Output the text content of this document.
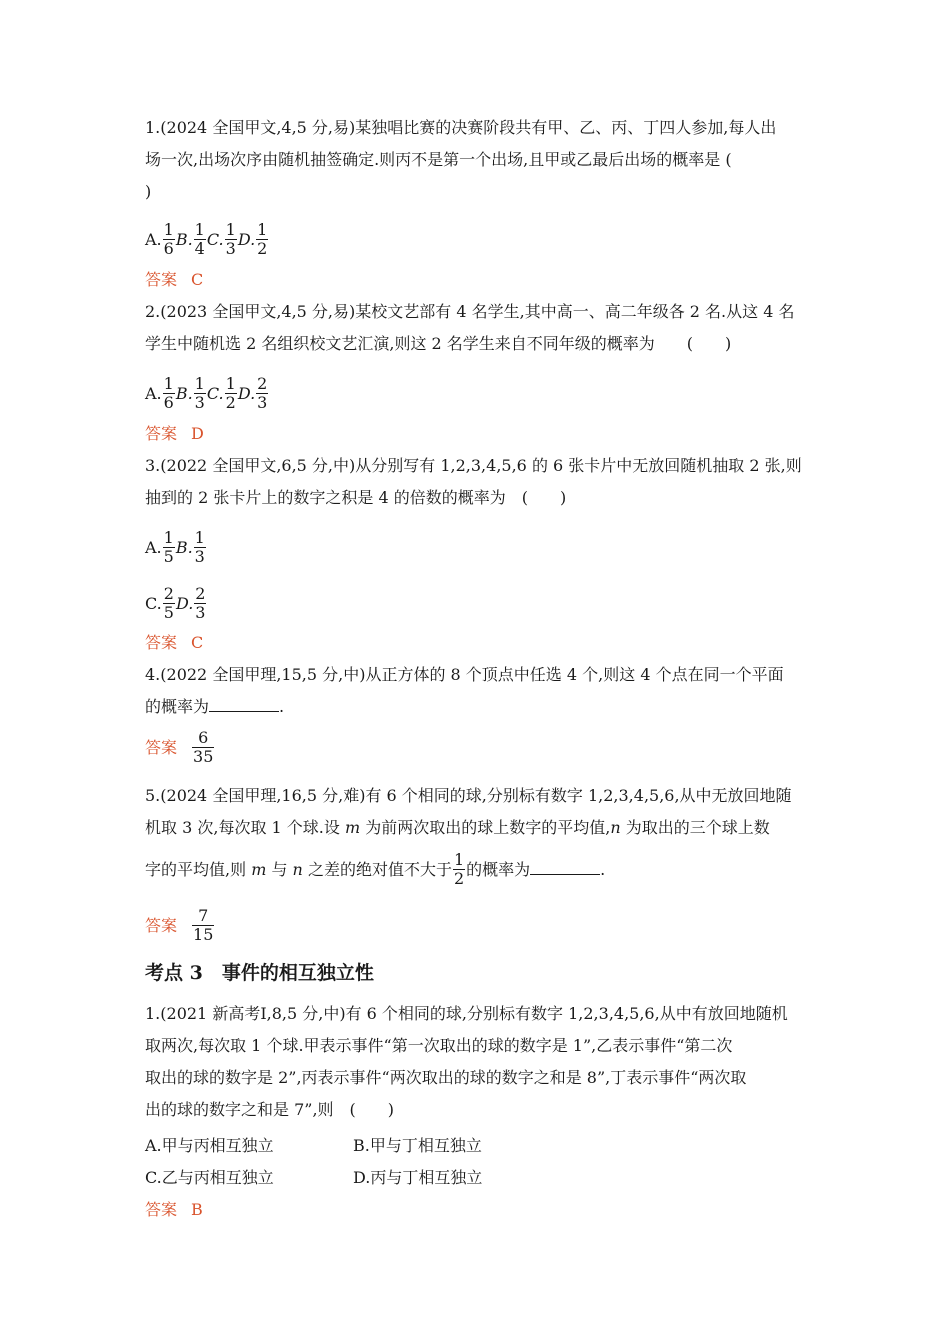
1.(2024 全国甲文,4,5 分,易)某独唱比赛的决赛阶段共有甲、乙、丙、丁四人参加,每人出
场一次,出场次序由随机抽签确定.则丙不是第一个出场,且甲或乙最后出场的概率是 (
)
A. $\frac{1}{6} B$. $\frac{1}{4} C$. $\frac{1}{3} D$. $\frac{1}{2}$
答案 C
2.(2023 全国甲文,4,5 分,易)某校文艺部有 4 名学生,其中高一、高二年级各 2 名.从这 4 名
学生中随机选 2 名组织校文艺汇演,则这 2 名学生来自不同年级的概率为　　(　　)
A. $\frac{1}{6} B$. $\frac{1}{3} C$. $\frac{1}{2} D$. $\frac{2}{3}$
答案 D
3.(2022 全国甲文,6,5 分,中)从分别写有 1,2,3,4,5,6 的 6 张卡片中无放回随机抽取 2 张,则
抽到的 2 张卡片上的数字之积是 4 的倍数的概率为　(　　)
A. $\frac{1}{5} B$. $\frac{1}{3}$
C. $\frac{2}{5} D$. $\frac{2}{3}$
答案 C
4.(2022 全国甲理,15,5 分,中)从正方体的 8 个顶点中任选 4 个,则这 4 个点在同一个平面
的概率为	.
答案 $\frac{6}{35}$
5.(2024 全国甲理,16,5 分,难)有 6 个相同的球,分别标有数字 1,2,3,4,5,6,从中无放回地随
机取 3 次,每次取 1 个球.设 m 为前两次取出的球上数字的平均值,n 为取出的三个球上数
字的平均值,则 m 与 n 之差的绝对值不大于 $\frac{1}{2}$ 的概率为	.
答案 $\frac{7}{15}$
考点 3　事件的相互独立性
1.(2021 新高考Ⅰ,8,5 分,中)有 6 个相同的球,分别标有数字 1,2,3,4,5,6,从中有放回地随机
取两次,每次取 1 个球.甲表示事件“第一次取出的球的数字是 1”,乙表示事件“第二次
取出的球的数字是 2”,丙表示事件“两次取出的球的数字之和是 8”,丁表示事件“两次取
出的球的数字之和是 7”,则　(　　)
A.甲与丙相互独立	B.甲与丁相互独立
C.乙与丙相互独立	D.丙与丁相互独立
答案 B
